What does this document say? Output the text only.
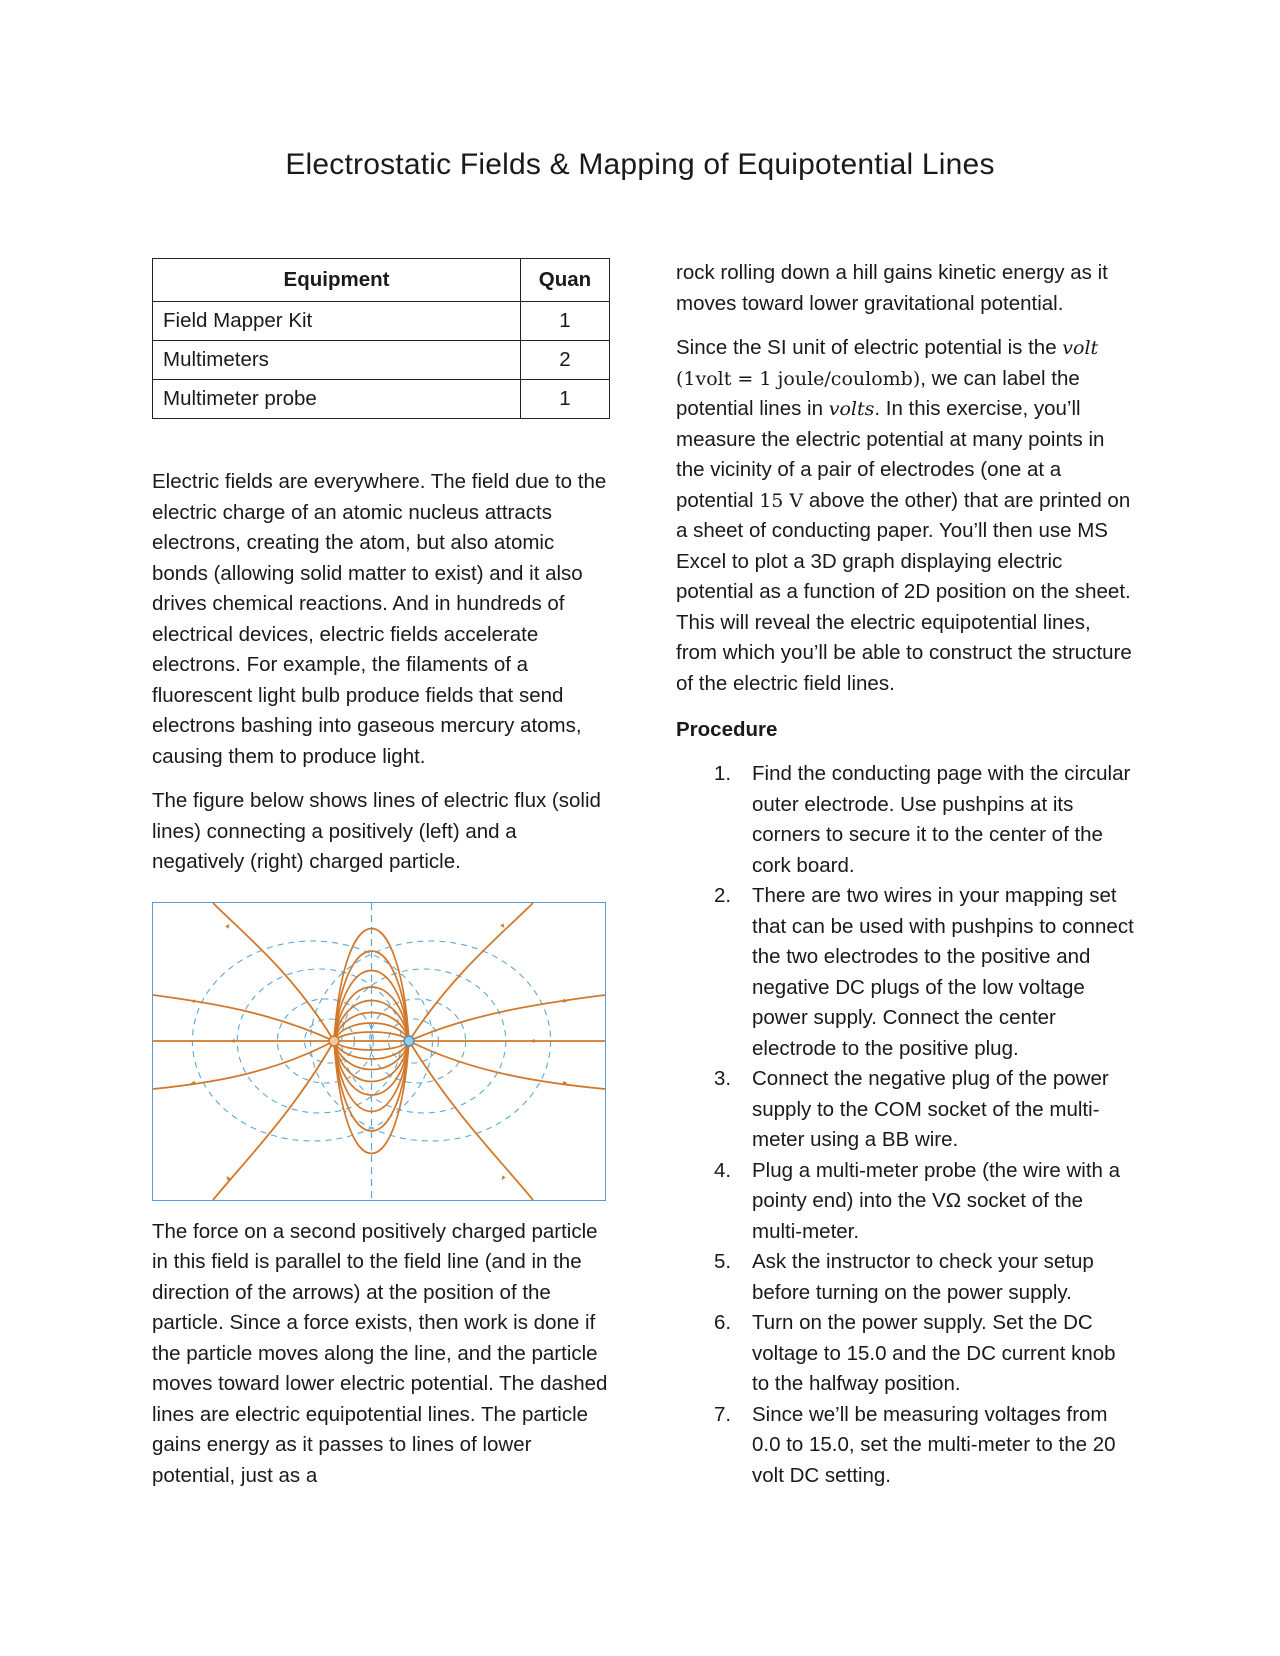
Electrostatic Fields & Mapping of Equipotential Lines
Equipment	Quan
Field Mapper Kit	1
Multimeters	2
Multimeter probe	1

Electric fields are everywhere. The field due to the electric charge of an atomic nucleus attracts electrons, creating the atom, but also atomic bonds (allowing solid matter to exist) and it also drives chemical reactions. And in hundreds of electrical devices, electric fields accelerate electrons. For example, the filaments of a fluorescent light bulb produce fields that send electrons bashing into gaseous mercury atoms, causing them to produce light.

The figure below shows lines of electric flux (solid lines) connecting a positively (left) and a negatively (right) charged particle.

The force on a second positively charged particle in this field is parallel to the field line (and in the direction of the arrows) at the position of the particle. Since a force exists, then work is done if the particle moves along the line, and the particle moves toward lower electric potential. The dashed lines are electric equipotential lines. The particle gains energy as it passes to lines of lower potential, just as a

rock rolling down a hill gains kinetic energy as it moves toward lower gravitational potential.

Since the SI unit of electric potential is the volt
(1volt = 1 joule/coulomb), we can label the potential lines in volts. In this exercise, you’ll measure the electric potential at many points in the vicinity of a pair of electrodes (one at a potential 15 V above the other) that are printed on a sheet of conducting paper. You’ll then use MS Excel to plot a 3D graph displaying electric potential as a function of 2D position on the sheet. This will reveal the electric equipotential lines, from which you’ll be able to construct the structure of the electric field lines.

Procedure
1. Find the conducting page with the circular outer electrode. Use pushpins at its corners to secure it to the center of the cork board.
2. There are two wires in your mapping set that can be used with pushpins to connect the two electrodes to the positive and negative DC plugs of the low voltage power supply. Connect the center electrode to the positive plug.
3. Connect the negative plug of the power supply to the COM socket of the multi-meter using a BB wire.
4. Plug a multi-meter probe (the wire with a pointy end) into the VΩ socket of the multi-meter.
5. Ask the instructor to check your setup before turning on the power supply.
6. Turn on the power supply. Set the DC voltage to 15.0 and the DC current knob to the halfway position.
7. Since we’ll be measuring voltages from 0.0 to 15.0, set the multi-meter to the 20 volt DC setting.
